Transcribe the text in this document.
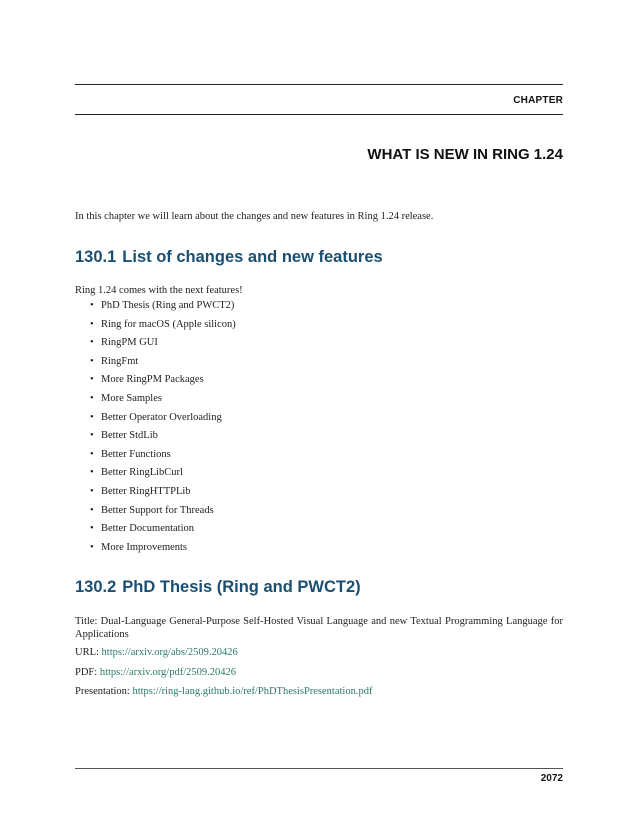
CHAPTER
WHAT IS NEW IN RING 1.24

In this chapter we will learn about the changes and new features in Ring 1.24 release.

130.1 List of changes and new features

Ring 1.24 comes with the next features!

• PhD Thesis (Ring and PWCT2)
• Ring for macOS (Apple silicon)
• RingPM GUI
• RingFmt
• More RingPM Packages
• More Samples
• Better Operator Overloading
• Better StdLib
• Better Functions
• Better RingLibCurl
• Better RingHTTPLib
• Better Support for Threads
• Better Documentation
• More Improvements
130.2 PhD Thesis (Ring and PWCT2)

Title: Dual-Language General-Purpose Self-Hosted Visual Language and new Textual Programming Language for Applications

URL: https://arxiv.org/abs/2509.20426

PDF: https://arxiv.org/pdf/2509.20426

Presentation: https://ring-lang.github.io/ref/PhDThesisPresentation.pdf

2072
